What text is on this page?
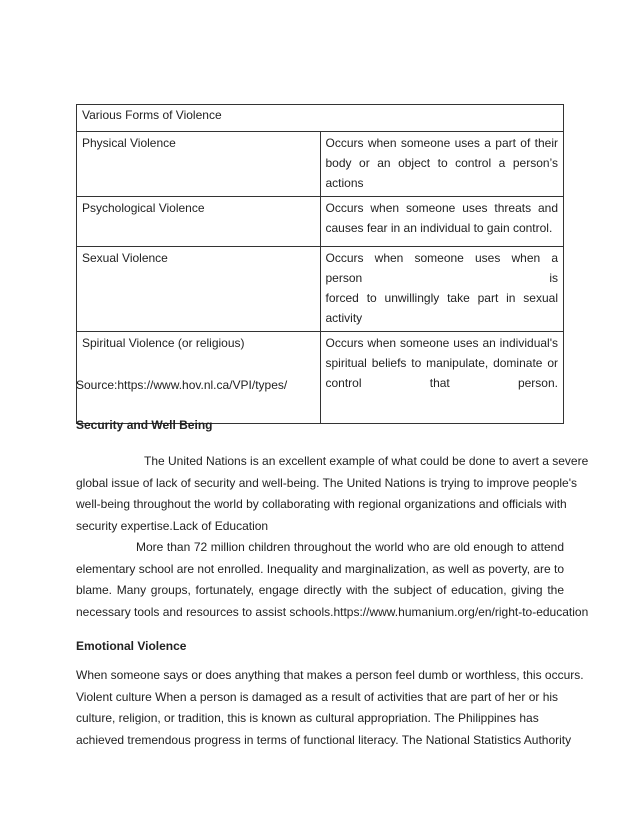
Various Forms of Violence	

Physical Violence	Occurs when someone uses a part of their
body or an object to control a person’s actions

Psychological Violence	Occurs when someone uses threats and
causes fear in an individual to gain control.

Sexual Violence	Occurs when someone uses when a person is
forced to unwillingly take part in sexual activity

Spiritual Violence (or religious)	Occurs when someone uses an individual's
spiritual beliefs to manipulate, dominate or
control that person.
Source:https://www.hov.nl.ca/VPI/types/
Security and Well Being
The United Nations is an excellent example of what could be done to avert a severe
global issue of lack of security and well-being. The United Nations is trying to improve people's
well-being throughout the world by collaborating with regional organizations and officials with
security expertise.Lack of Education
More than 72 million children throughout the world who are old enough to attend
elementary school are not enrolled. Inequality and marginalization, as well as poverty, are to
blame. Many groups, fortunately, engage directly with the subject of education, giving the
necessary tools and resources to assist schools.https://www.humanium.org/en/right-to-education
Emotional Violence
When someone says or does anything that makes a person feel dumb or worthless, this occurs.
Violent culture When a person is damaged as a result of activities that are part of her or his
culture, religion, or tradition, this is known as cultural appropriation. The Philippines has
achieved tremendous progress in terms of functional literacy. The National Statistics Authority
